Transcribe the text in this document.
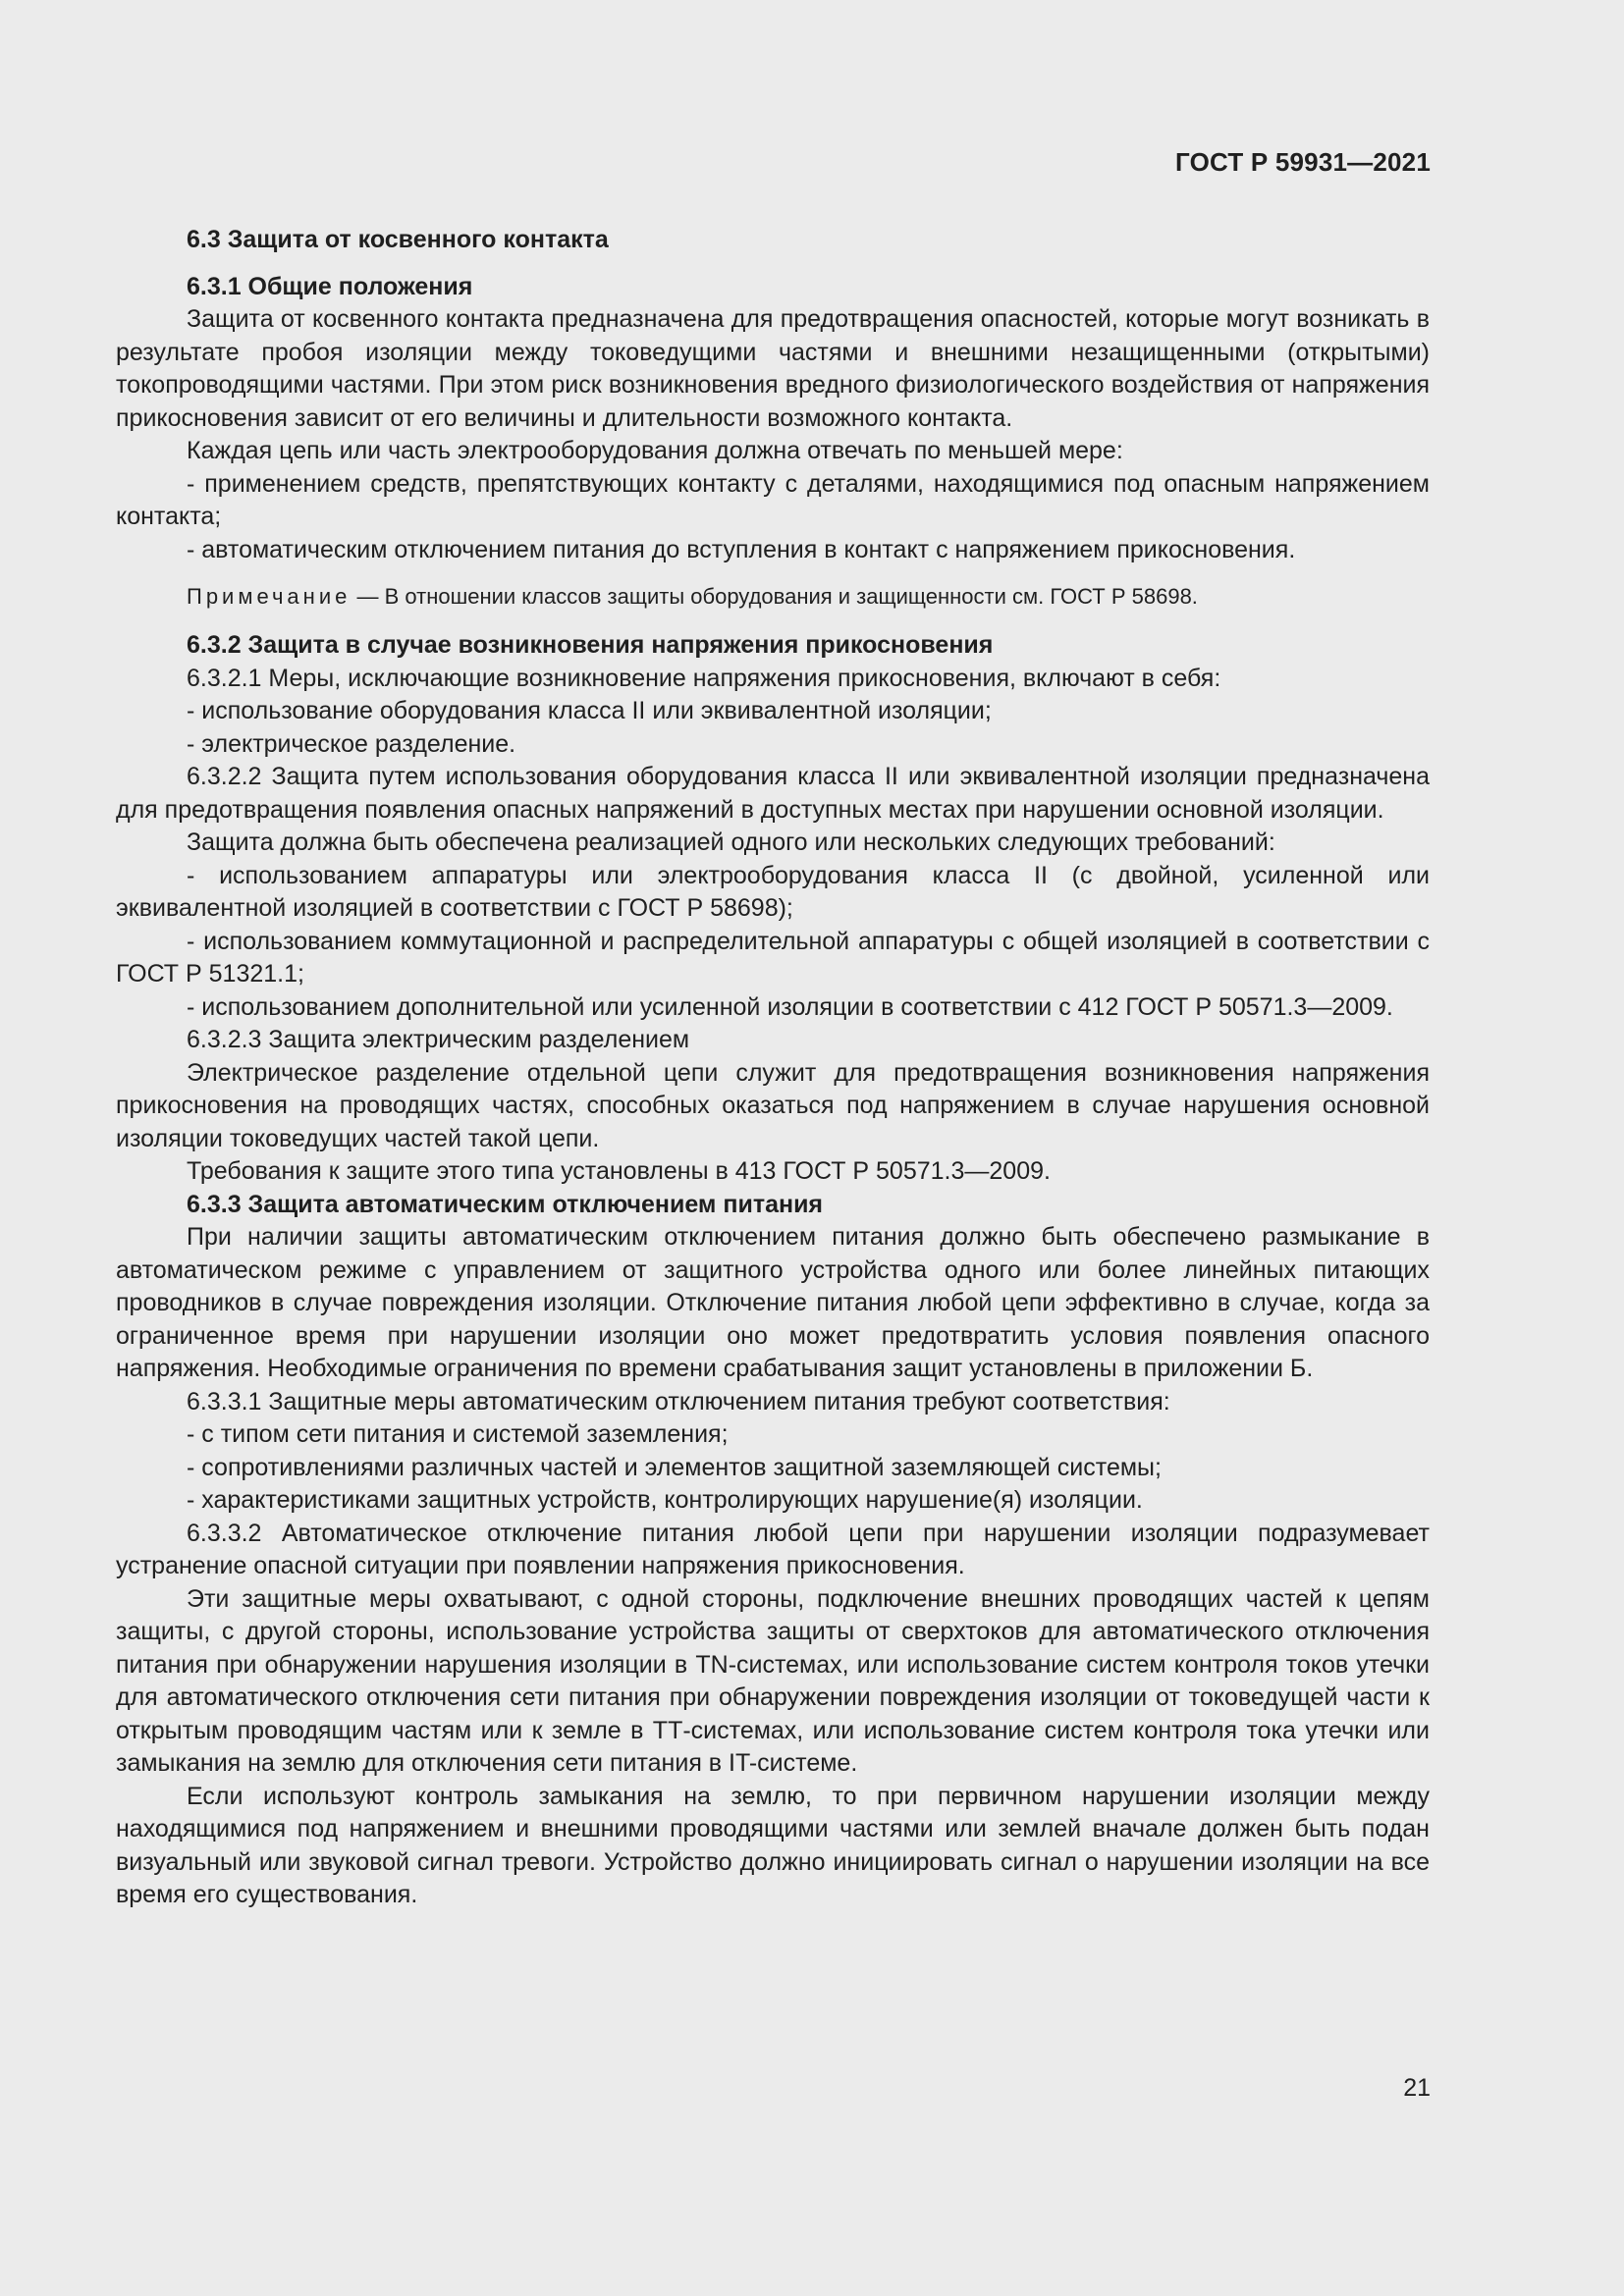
ГОСТ Р 59931—2021

6.3 Защита от косвенного контакта

6.3.1 Общие положения

Защита от косвенного контакта предназначена для предотвращения опасностей, которые могут возникать в результате пробоя изоляции между токоведущими частями и внешними незащищенными (открытыми) токопроводящими частями. При этом риск возникновения вредного физиологического воздействия от напряжения прикосновения зависит от его величины и длительности возможного контакта.

Каждая цепь или часть электрооборудования должна отвечать по меньшей мере:

- применением средств, препятствующих контакту с деталями, находящимися под опасным напряжением контакта;

- автоматическим отключением питания до вступления в контакт с напряжением прикосновения.

Примечание — В отношении классов защиты оборудования и защищенности см. ГОСТ Р 58698.

6.3.2 Защита в случае возникновения напряжения прикосновения

6.3.2.1 Меры, исключающие возникновение напряжения прикосновения, включают в себя:

- использование оборудования класса II или эквивалентной изоляции;

- электрическое разделение.

6.3.2.2 Защита путем использования оборудования класса II или эквивалентной изоляции предназначена для предотвращения появления опасных напряжений в доступных местах при нарушении основной изоляции.

Защита должна быть обеспечена реализацией одного или нескольких следующих требований:

- использованием аппаратуры или электрооборудования класса II (с двойной, усиленной или эквивалентной изоляцией в соответствии с ГОСТ Р 58698);

- использованием коммутационной и распределительной аппаратуры с общей изоляцией в соответствии с ГОСТ Р 51321.1;

- использованием дополнительной или усиленной изоляции в соответствии с 412 ГОСТ Р 50571.3—2009.

6.3.2.3 Защита электрическим разделением

Электрическое разделение отдельной цепи служит для предотвращения возникновения напряжения прикосновения на проводящих частях, способных оказаться под напряжением в случае нарушения основной изоляции токоведущих частей такой цепи.

Требования к защите этого типа установлены в 413 ГОСТ Р 50571.3—2009.

6.3.3 Защита автоматическим отключением питания

При наличии защиты автоматическим отключением питания должно быть обеспечено размыкание в автоматическом режиме с управлением от защитного устройства одного или более линейных питающих проводников в случае повреждения изоляции. Отключение питания любой цепи эффективно в случае, когда за ограниченное время при нарушении изоляции оно может предотвратить условия появления опасного напряжения. Необходимые ограничения по времени срабатывания защит установлены в приложении Б.

6.3.3.1 Защитные меры автоматическим отключением питания требуют соответствия:

- с типом сети питания и системой заземления;

- сопротивлениями различных частей и элементов защитной заземляющей системы;

- характеристиками защитных устройств, контролирующих нарушение(я) изоляции.

6.3.3.2 Автоматическое отключение питания любой цепи при нарушении изоляции подразумевает устранение опасной ситуации при появлении напряжения прикосновения.

Эти защитные меры охватывают, с одной стороны, подключение внешних проводящих частей к цепям защиты, с другой стороны, использование устройства защиты от сверхтоков для автоматического отключения питания при обнаружении нарушения изоляции в TN-системах, или использование систем контроля токов утечки для автоматического отключения сети питания при обнаружении повреждения изоляции от токоведущей части к открытым проводящим частям или к земле в ТТ-системах, или использование систем контроля тока утечки или замыкания на землю для отключения сети питания в IT-системе.

Если используют контроль замыкания на землю, то при первичном нарушении изоляции между находящимися под напряжением и внешними проводящими частями или землей вначале должен быть подан визуальный или звуковой сигнал тревоги. Устройство должно инициировать сигнал о нарушении изоляции на все время его существования.

21
